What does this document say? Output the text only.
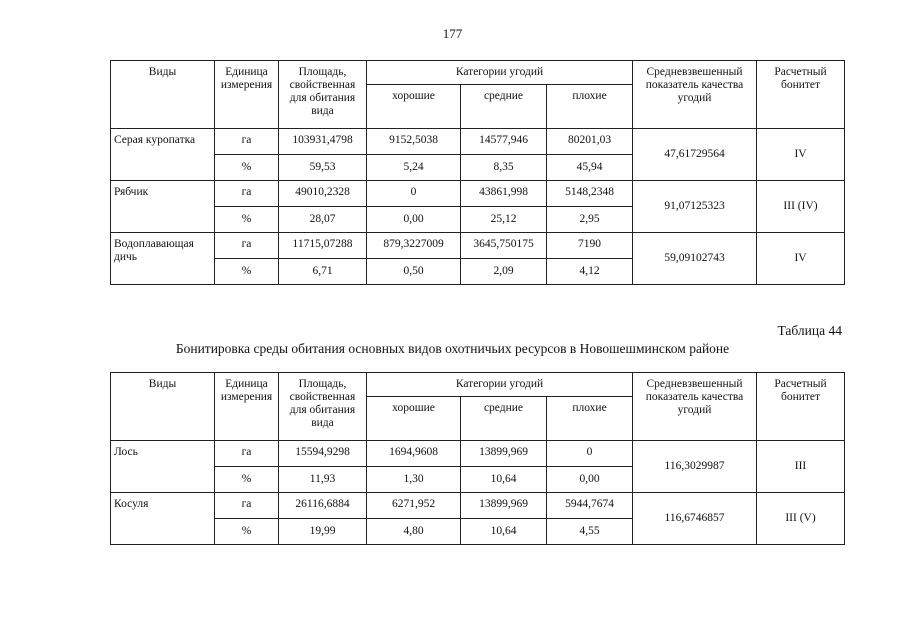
177
Виды	Единица измерения	Площадь, свойственная для обитания вида	Категории угодий			Средневзвешенный показатель качества угодий	Расчетный бонитет
			хорошие	средние	плохие		
Серая куропатка	га	103931,4798	9152,5038	14577,946	80201,03	47,61729564	IV
	%	59,53	5,24	8,35	45,94		
Рябчик	га	49010,2328	0	43861,998	5148,2348	91,07125323	III (IV)
	%	28,07	0,00	25,12	2,95		
Водоплавающая дичь	га	11715,07288	879,3227009	3645,750175	7190	59,09102743	IV
	%	6,71	0,50	2,09	4,12		
Таблица 44
Бонитировка среды обитания основных видов охотничьих ресурсов в Новошешминском районе
Виды	Единица измерения	Площадь, свойственная для обитания вида	Категории угодий			Средневзвешенный показатель качества угодий	Расчетный бонитет
			хорошие	средние	плохие		
Лось	га	15594,9298	1694,9608	13899,969	0	116,3029987	III
	%	11,93	1,30	10,64	0,00		
Косуля	га	26116,6884	6271,952	13899,969	5944,7674	116,6746857	III (V)
	%	19,99	4,80	10,64	4,55		
